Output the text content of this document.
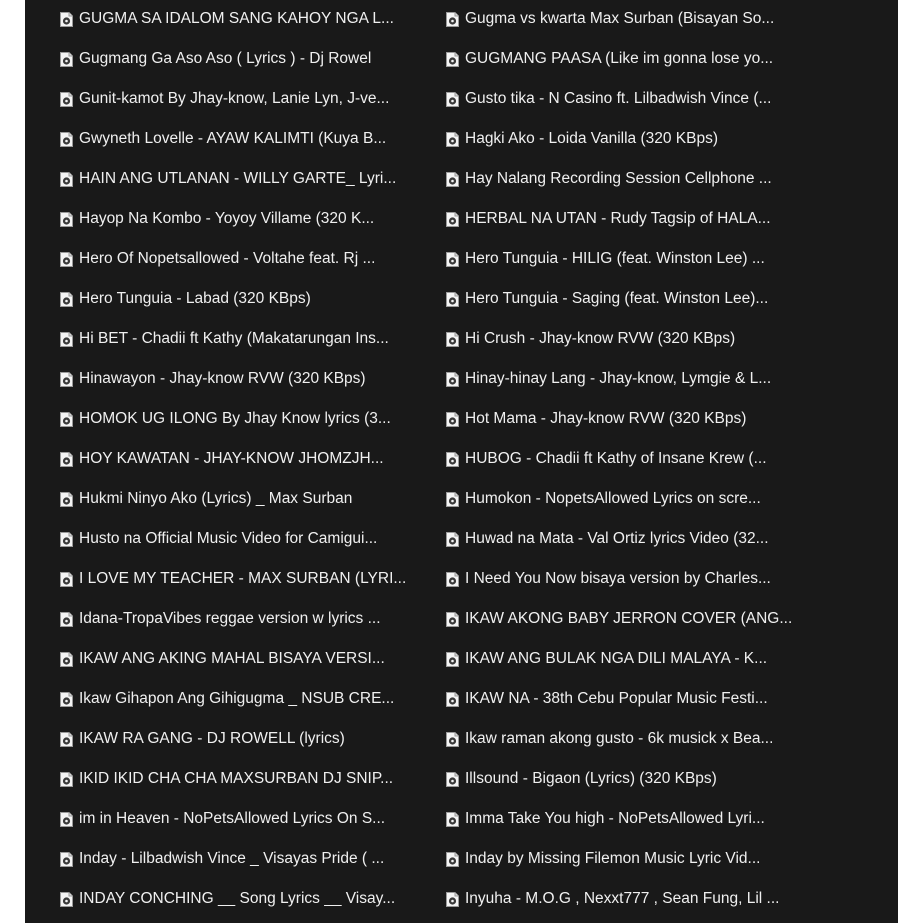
GUGMA SA IDALOM SANG KAHOY NGA L...	Gugma vs kwarta Max Surban (Bisayan So...
Gugmang Ga Aso Aso ( Lyrics ) - Dj Rowel	GUGMANG PAASA (Like im gonna lose yo...
Gunit-kamot By Jhay-know, Lanie Lyn, J-ve...	Gusto tika - N Casino ft. Lilbadwish Vince (...
Gwyneth Lovelle - AYAW KALIMTI (Kuya B...	Hagki Ako - Loida Vanilla (320 KBps)
HAIN ANG UTLANAN - WILLY GARTE_ Lyri...	Hay Nalang Recording Session Cellphone ...
Hayop Na Kombo - Yoyoy Villame (320 K...	HERBAL NA UTAN - Rudy Tagsip of HALA...
Hero Of Nopetsallowed - Voltahe feat. Rj ...	Hero Tunguia - HILIG (feat. Winston Lee) ...
Hero Tunguia - Labad (320 KBps)	Hero Tunguia - Saging (feat. Winston Lee)...
Hi BET - Chadii ft Kathy (Makatarungan Ins...	Hi Crush - Jhay-know RVW (320 KBps)
Hinawayon - Jhay-know RVW (320 KBps)	Hinay-hinay Lang - Jhay-know, Lymgie & L...
HOMOK UG ILONG By Jhay Know lyrics (3...	Hot Mama - Jhay-know RVW (320 KBps)
HOY KAWATAN - JHAY-KNOW JHOMZJH...	HUBOG - Chadii ft Kathy of Insane Krew (...
Hukmi Ninyo Ako (Lyrics) _ Max Surban	Humokon - NopetsAllowed Lyrics on scre...
Husto na Official Music Video for Camigui...	Huwad na Mata - Val Ortiz lyrics Video (32...
I LOVE MY TEACHER - MAX SURBAN (LYRI...	I Need You Now bisaya version by Charles...
Idana-TropaVibes reggae version w lyrics ...	IKAW AKONG BABY JERRON COVER (ANG...
IKAW ANG AKING MAHAL BISAYA VERSI...	IKAW ANG BULAK NGA DILI MALAYA - K...
Ikaw Gihapon Ang Gihigugma _ NSUB CRE...	IKAW NA - 38th Cebu Popular Music Festi...
IKAW RA GANG - DJ ROWELL (lyrics)	Ikaw raman akong gusto - 6k musick x Bea...
IKID IKID CHA CHA MAXSURBAN DJ SNIP...	Illsound - Bigaon (Lyrics) (320 KBps)
im in Heaven - NoPetsAllowed Lyrics On S...	Imma Take You high - NoPetsAllowed Lyri...
Inday - Lilbadwish Vince _ Visayas Pride ( ...	Inday by Missing Filemon Music Lyric Vid...
INDAY CONCHING __ Song Lyrics __ Visay...	Inyuha - M.O.G , Nexxt777 , Sean Fung, Lil ...
